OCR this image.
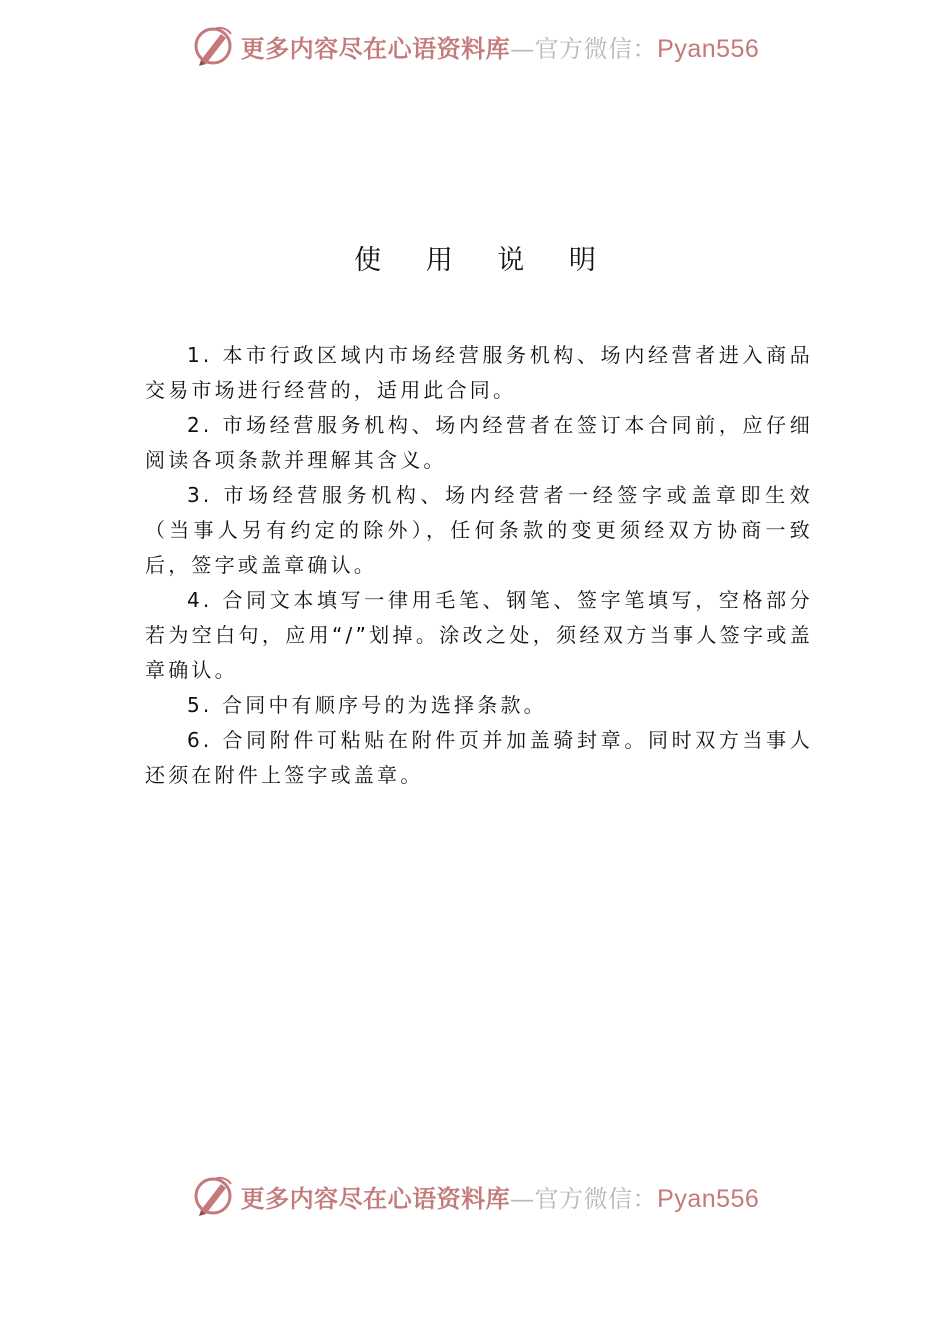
更多内容尽在心语资料库—官方微信：Pyan556
使 用 说 明

1. 本市行政区域内市场经营服务机构、场内经营者进入商品交易市场进行经营的，适用此合同。

2. 市场经营服务机构、场内经营者在签订本合同前，应仔细阅读各项条款并理解其含义。

3. 市场经营服务机构、场内经营者一经签字或盖章即生效（当事人另有约定的除外），任何条款的变更须经双方协商一致后，签字或盖章确认。

4. 合同文本填写一律用毛笔、钢笔、签字笔填写，空格部分若为空白句，应用“/”划掉。涂改之处，须经双方当事人签字或盖章确认。

5. 合同中有顺序号的为选择条款。

6. 合同附件可粘贴在附件页并加盖骑封章。同时双方当事人还须在附件上签字或盖章。

更多内容尽在心语资料库—官方微信：Pyan556
